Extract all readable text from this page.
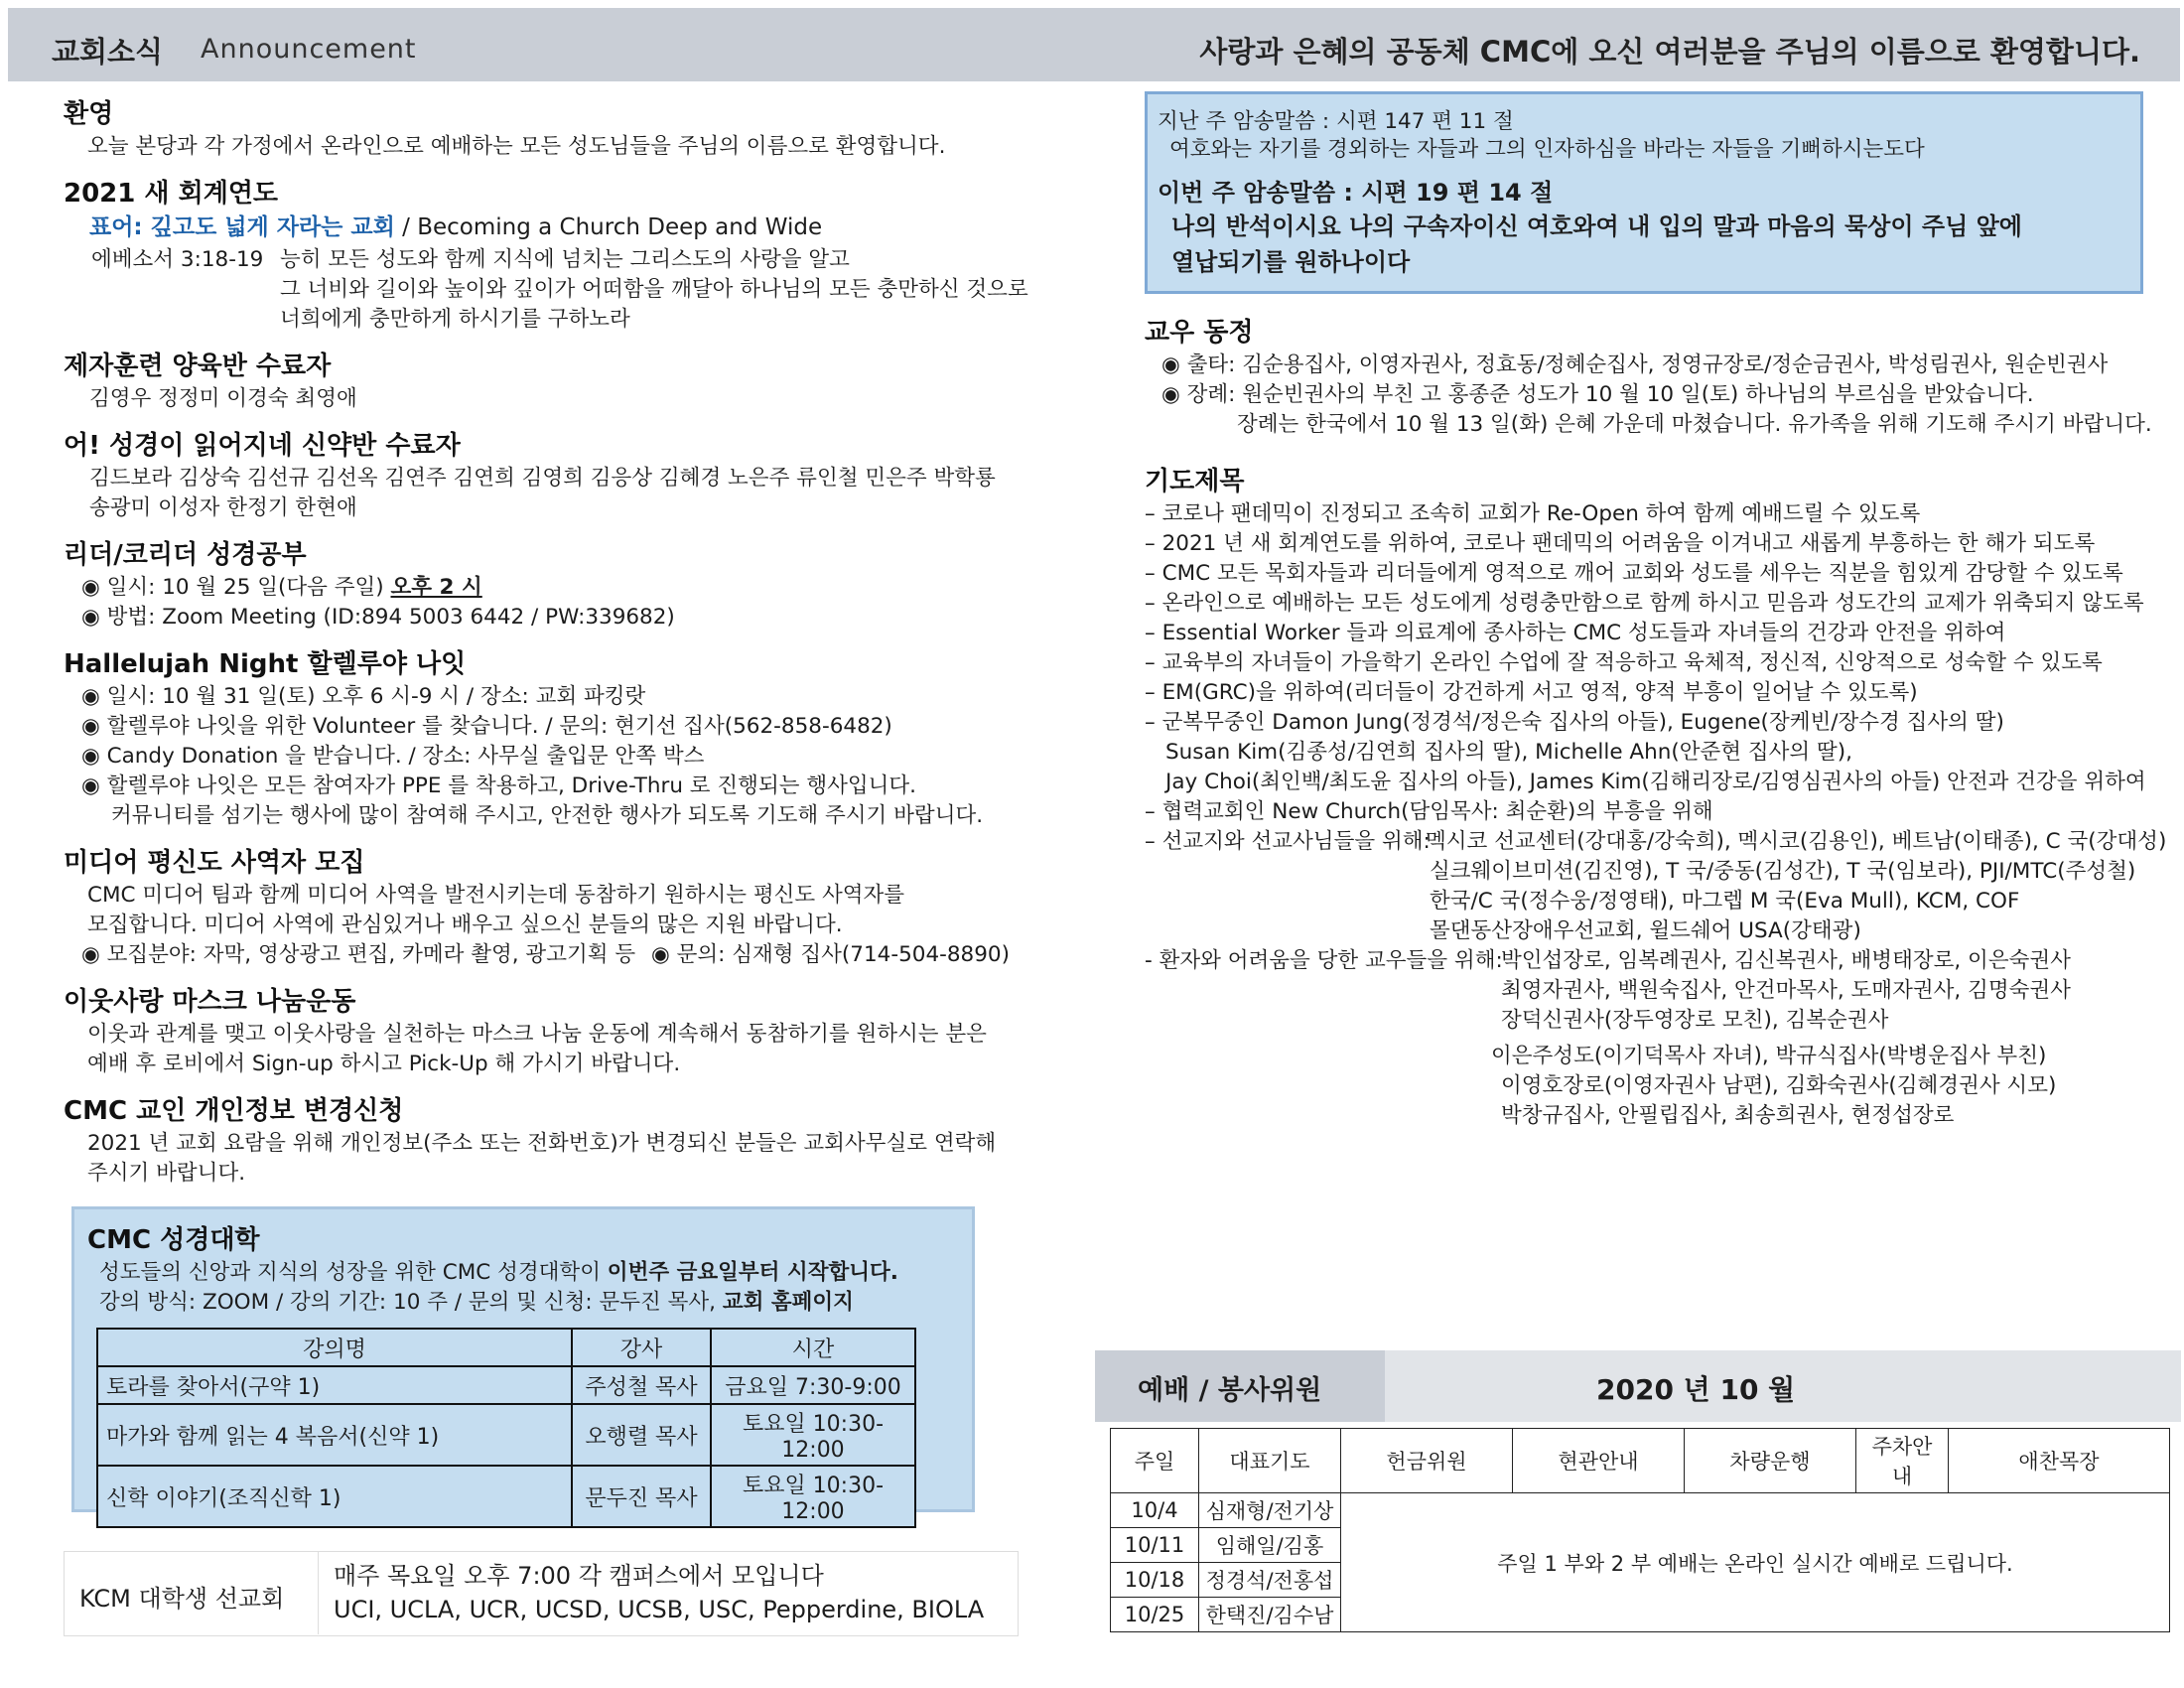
교회소식 Announcement	사랑과 은혜의 공동체 CMC에 오신 여러분을 주님의 이름으로 환영합니다.
환영
오늘 본당과 각 가정에서 온라인으로 예배하는 모든 성도님들을 주님의 이름으로 환영합니다.
2021 새 회계연도
표어: 깊고도 넓게 자라는 교회 / Becoming a Church Deep and Wide
에베소서 3:18-19 능히 모든 성도와 함께 지식에 넘치는 그리스도의 사랑을 알고
그 너비와 길이와 높이와 깊이가 어떠함을 깨달아 하나님의 모든 충만하신 것으로
너희에게 충만하게 하시기를 구하노라
제자훈련 양육반 수료자
김영우 정정미 이경숙 최영애
어! 성경이 읽어지네 신약반 수료자
김드보라 김상숙 김선규 김선옥 김연주 김연희 김영희 김응상 김혜경 노은주 류인철 민은주 박학룡
송광미 이성자 한정기 한현애
리더/코리더 성경공부
◉ 일시: 10 월 25 일(다음 주일) 오후 2 시
◉ 방법: Zoom Meeting (ID:894 5003 6442 / PW:339682)
Hallelujah Night 할렐루야 나잇
◉ 일시: 10 월 31 일(토) 오후 6 시-9 시 / 장소: 교회 파킹랏
◉ 할렐루야 나잇을 위한 Volunteer 를 찾습니다. / 문의: 현기선 집사(562-858-6482)
◉ Candy Donation 을 받습니다. / 장소: 사무실 출입문 안쪽 박스
◉ 할렐루야 나잇은 모든 참여자가 PPE 를 착용하고, Drive-Thru 로 진행되는 행사입니다.
커뮤니티를 섬기는 행사에 많이 참여해 주시고, 안전한 행사가 되도록 기도해 주시기 바랍니다.
미디어 평신도 사역자 모집
CMC 미디어 팀과 함께 미디어 사역을 발전시키는데 동참하기 원하시는 평신도 사역자를
모집합니다. 미디어 사역에 관심있거나 배우고 싶으신 분들의 많은 지원 바랍니다.
◉ 모집분야: 자막, 영상광고 편집, 카메라 촬영, 광고기획 등	◉ 문의: 심재형 집사(714-504-8890)
이웃사랑 마스크 나눔운동
이웃과 관계를 맺고 이웃사랑을 실천하는 마스크 나눔 운동에 계속해서 동참하기를 원하시는 분은
예배 후 로비에서 Sign-up 하시고 Pick-Up 해 가시기 바랍니다.
CMC 교인 개인정보 변경신청
2021 년 교회 요람을 위해 개인정보(주소 또는 전화번호)가 변경되신 분들은 교회사무실로 연락해
주시기 바랍니다.
CMC 성경대학
성도들의 신앙과 지식의 성장을 위한 CMC 성경대학이 이번주 금요일부터 시작합니다.
강의 방식: ZOOM / 강의 기간: 10 주 / 문의 및 신청: 문두진 목사, 교회 홈페이지
강의명	강사	시간
토라를 찾아서(구약 1)	주성철 목사	금요일 7:30-9:00
마가와 함께 읽는 4 복음서(신약 1)	오행렬 목사	토요일 10:30-12:00
신학 이야기(조직신학 1)	문두진 목사	토요일 10:30-12:00
KCM 대학생 선교회
매주 목요일 오후 7:00 각 캠퍼스에서 모입니다
UCI, UCLA, UCR, UCSD, UCSB, USC, Pepperdine, BIOLA
지난 주 암송말씀 : 시편 147 편 11 절
여호와는 자기를 경외하는 자들과 그의 인자하심을 바라는 자들을 기뻐하시는도다
이번 주 암송말씀 : 시편 19 편 14 절
나의 반석이시요 나의 구속자이신 여호와여 내 입의 말과 마음의 묵상이 주님 앞에
열납되기를 원하나이다
교우 동정
◉ 출타: 김순용집사, 이영자권사, 정효동/정혜순집사, 정영규장로/정순금권사, 박성림권사, 원순빈권사
◉ 장례: 원순빈권사의 부친 고 홍종준 성도가 10 월 10 일(토) 하나님의 부르심을 받았습니다.
장례는 한국에서 10 월 13 일(화) 은혜 가운데 마쳤습니다. 유가족을 위해 기도해 주시기 바랍니다.
기도제목
– 코로나 팬데믹이 진정되고 조속히 교회가 Re-Open 하여 함께 예배드릴 수 있도록
– 2021 년 새 회계연도를 위하여, 코로나 팬데믹의 어려움을 이겨내고 새롭게 부흥하는 한 해가 되도록
– CMC 모든 목회자들과 리더들에게 영적으로 깨어 교회와 성도를 세우는 직분을 힘있게 감당할 수 있도록
– 온라인으로 예배하는 모든 성도에게 성령충만함으로 함께 하시고 믿음과 성도간의 교제가 위축되지 않도록
– Essential Worker 들과 의료계에 종사하는 CMC 성도들과 자녀들의 건강과 안전을 위하여
– 교육부의 자녀들이 가을학기 온라인 수업에 잘 적응하고 육체적, 정신적, 신앙적으로 성숙할 수 있도록
– EM(GRC)을 위하여(리더들이 강건하게 서고 영적, 양적 부흥이 일어날 수 있도록)
– 군복무중인 Damon Jung(정경석/정은숙 집사의 아들), Eugene(장케빈/장수경 집사의 딸)
Susan Kim(김종성/김연희 집사의 딸), Michelle Ahn(안준현 집사의 딸),
Jay Choi(최인백/최도윤 집사의 아들), James Kim(김해리장로/김영심권사의 아들) 안전과 건강을 위하여
– 협력교회인 New Church(담임목사: 최순환)의 부흥을 위해
– 선교지와 선교사님들을 위해:
멕시코 선교센터(강대홍/강숙희), 멕시코(김용인), 베트남(이태종), C 국(강대성)
실크웨이브미션(김진영), T 국/중동(김성간), T 국(임보라), PJI/MTC(주성철)
한국/C 국(정수웅/정영태), 마그렙 M 국(Eva Mull), KCM, COF
몰댄동산장애우선교회, 윌드쉐어 USA(강태광)
- 환자와 어려움을 당한 교우들을 위해:
박인섭장로, 임복례권사, 김신복권사, 배병태장로, 이은숙권사
최영자권사, 백원숙집사, 안건마목사, 도매자권사, 김명숙권사
장덕신권사(장두영장로 모친), 김복순권사
이은주성도(이기덕목사 자녀), 박규식집사(박병운집사 부친)
이영호장로(이영자권사 남편), 김화숙권사(김혜경권사 시모)
박창규집사, 안필립집사, 최송희권사, 현정섭장로
예배 / 봉사위원	2020 년 10 월
주일	대표기도	헌금위원	현관안내	차량운행	주차안내	애찬목장
10/4	심재형/전기상	주일 1 부와 2 부 예배는 온라인 실시간 예배로 드립니다.				
10/11	임해일/김홍					
10/18	정경석/전홍섭					
10/25	한택진/김수남					
